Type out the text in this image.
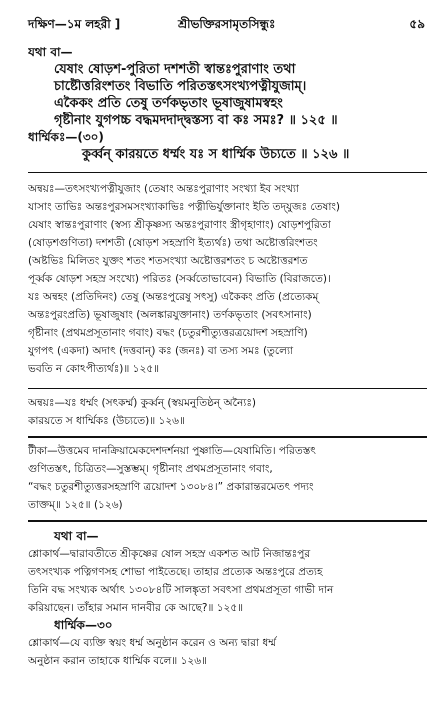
দক্ষিণ—১ম লহরী ]	শ্রীভক্তিরসামৃতসিন্ধুঃ	৫৯
যথা বা—
যেষাং ষোড়শ-পুরিতা দশশতী স্বান্তঃপুরাণাং তথা
চাষ্টৌত্তরিংশতং বিভাতি পরিতস্তৎসংখ্যপত্নীযুজাম্।
একৈকং প্রতি তেষু তর্ণকভৃতাং ভূষাজুষামস্বহং
গৃষ্টীনাং যুগপচ্চ বদ্ধমদদাদ্দ্বস্তস্য বা কঃ সমঃ? ॥ ১২৫ ॥
ধার্ম্মিকঃ—(৩০)
কুর্ব্বন্ কারয়তে ধর্ম্মং যঃ স ধার্ম্মিক উচ্যতে ॥ ১২৬ ॥
অন্বয়ঃ—তৎসংখ্যপত্নীযুজাং (তেষাং অন্তঃপুরাণাং সংখ্যা ইব সংখ্যা
যাসাং তাভিঃ অন্তঃপুরসমসংখ্যাকাভিঃ পত্নীভির্যুক্তানাং ইতি তদ্‌যুজঃ তেষাং)
যেষাং স্বান্তঃপুরাণাং (স্বস্য শ্রীকৃষ্ণস্য অন্তঃপুরাণাং স্ত্রীগৃহাণাং) ষোড়শপুরিতা
(ষোড়শগুণিতা) দশশতী (ষোড়শ সহস্রাণি ইত্যর্থঃ) তথা অষ্টোত্তরিংশতং
(অষ্টভিঃ মিলিতং যুক্তং শতং শতসংখ্যা অষ্টোত্তরশতং চ অষ্টোত্তরশত
পূর্ব্বক ষোড়শ সহস্র সংখ্যে) পরিতঃ (সর্ব্বতোভাবেন) বিভাতি (বিরাজতে)।
যঃ অন্বহং (প্রতিদিনং) তেষু (অন্তঃপুরেষু সৎসু) একৈকং প্রতি (প্রত্যেকম্
অন্তঃপুরংপ্রতি) ভূষাজুষাং (অলঙ্কারযুক্তানাং) তর্ণকভৃতাং (সবৎসানাং)
গৃষ্টীনাং (প্রথমপ্রসূতানাং গবাং) বদ্ধং (চতুরশীত্যুত্তরত্রয়োদশ সহস্রাণি)
যুগপৎ (একদা) অদাৎ (দত্তবান্) কঃ (জনঃ) বা তস্য সমঃ (তুল্যো
ভবতি ন কোঽপীত্যর্থঃ)॥ ১২৫॥
অন্বয়ঃ—যঃ ধর্ম্মং (সৎকর্ম্ম) কুর্ব্বন্ (স্বয়মনুতিষ্ঠন্ অন্যৈঃ)
কারয়তে স ধার্ম্মিকঃ (উচ্যতে)॥ ১২৬॥
টীকা—উত্তমেব দানক্রিয়ামেকদেশদর্শনয়া পুষ্ণাতি—যেষামিতি। পরিতস্তৎ
গুণিতস্তৎ, চিত্রিতং—সুস্তম্ভম্। গৃষ্টীনাং প্রথমপ্রসূতানাং গবাং,
“বদ্ধং চতুরশীত্যুত্তরসহস্রাণি ত্রয়োদশ ১৩০৮৪।” প্রকারান্তরমেতৎ পদ্যং
তাক্তম্॥ ১২৫॥ (১২৬)
যথা বা—
শ্লোকার্থ—দ্বারাবতীতে শ্রীকৃষ্ণের ষোল সহস্র একশত আট নিজান্তঃপুর
তৎসংখ্যক পত্নিগণসহ শোভা পাইতেছে। তাহার প্রত্যেক অন্তঃপুরে প্রত্যহ
তিনি বদ্ধ সংখ্যক অর্থাৎ ১৩০৮৪টি সালঙ্কৃতা সবৎসা প্রথমপ্রসূতা গাভী দান
করিয়াছেন। তাঁহার সমান দানবীর কে আছে?॥ ১২৫॥
ধার্ম্মিক—৩০
শ্লোকার্থ—যে ব্যক্তি স্বয়ং ধর্ম্ম অনুষ্ঠান করেন ও অন্য দ্বারা ধর্ম্ম
অনুষ্ঠান করান তাহাকে ধার্ম্মিক বলে॥ ১২৬॥
